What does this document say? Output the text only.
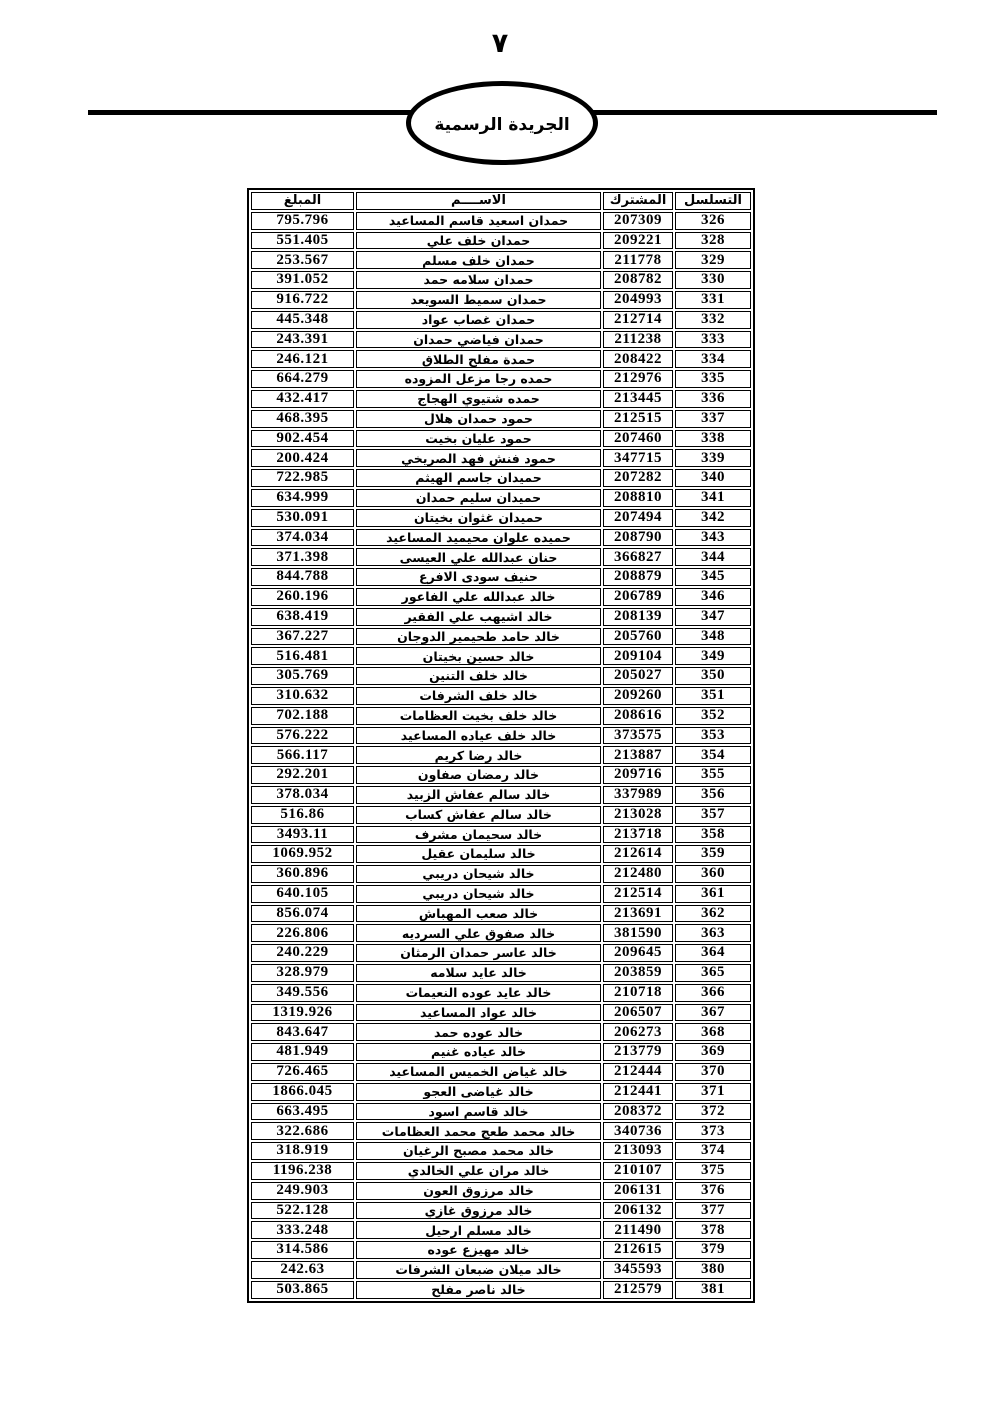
٧
الجريدة الرسمية
التسلسل	المشترك	الاســــم	المبلغ
326	207309	حمدان اسعيد قاسم المساعيد	795.796
328	209221	حمدان خلف علي	551.405
329	211778	حمدان خلف مسلم	253.567
330	208782	حمدان سلامه حمد	391.052
331	204993	حمدان سميط السويعد	916.722
332	212714	حمدان غصاب عواد	445.348
333	211238	حمدان فياضي حمدان	243.391
334	208422	حمدة مفلح الطلاق	246.121
335	212976	حمده رجا مزعل المزوده	664.279
336	213445	حمده شتيوي الهجاج	432.417
337	212515	حمود حمدان هلال	468.395
338	207460	حمود عليان بخيت	902.454
339	347715	حمود فنش فهد الصريخي	200.424
340	207282	حميدان جاسم الهيثم	722.985
341	208810	حميدان سليم حمدان	634.999
342	207494	حميدان غثوان بخيتان	530.091
343	208790	حميده علوان محيميد المساعيد	374.034
344	366827	حنان عبدالله علي العيسى	371.398
345	208879	حنيف سودى الافرع	844.788
346	206789	خالد عبدالله علي الفاعور	260.196
347	208139	خالد اشيهب علي الفقير	638.419
348	205760	خالد حامد طحيمير الدوجان	367.227
349	209104	خالد حسين بخيتان	516.481
350	205027	خالد خلف التنين	305.769
351	209260	خالد خلف الشرفات	310.632
352	208616	خالد خلف بخيت العظامات	702.188
353	373575	خالد خلف عياده المساعيد	576.222
354	213887	خالد رضا كريم	566.117
355	209716	خالد رمضان صفاون	292.201
356	337989	خالد سالم عفاش الزبيد	378.034
357	213028	خالد سالم عفاش كساب	516.86
358	213718	خالد سحيمان مشرف	3493.11
359	212614	خالد سليمان عقيل	1069.952
360	212480	خالد شيحان دريبي	360.896
361	212514	خالد شيحان دريبي	640.105
362	213691	خالد صعب المهباش	856.074
363	381590	خالد صفوق علي السرديه	226.806
364	209645	خالد عاسر حمدان الرمثان	240.229
365	203859	خالد عايد سلامه	328.979
366	210718	خالد عايد عوده النعيمات	349.556
367	206507	خالد عواد المساعيد	1319.926
368	206273	خالد عوده حمد	843.647
369	213779	خالد عياده غنيم	481.949
370	212444	خالد غياض الخميس المساعيد	726.465
371	212441	خالد غياضى العجو	1866.045
372	208372	خالد قاسم اسود	663.495
373	340736	خالد محمد طعج محمد العظامات	322.686
374	213093	خالد محمد مصبح الرغيان	318.919
375	210107	خالد مران علي الخالدي	1196.238
376	206131	خالد مرزوق العون	249.903
377	206132	خالد مرزوق غازي	522.128
378	211490	خالد مسلم ارحيل	333.248
379	212615	خالد مهيزع عوده	314.586
380	345593	خالد ميلان ضبعان الشرفات	242.63
381	212579	خالد ناصر مفلح	503.865
